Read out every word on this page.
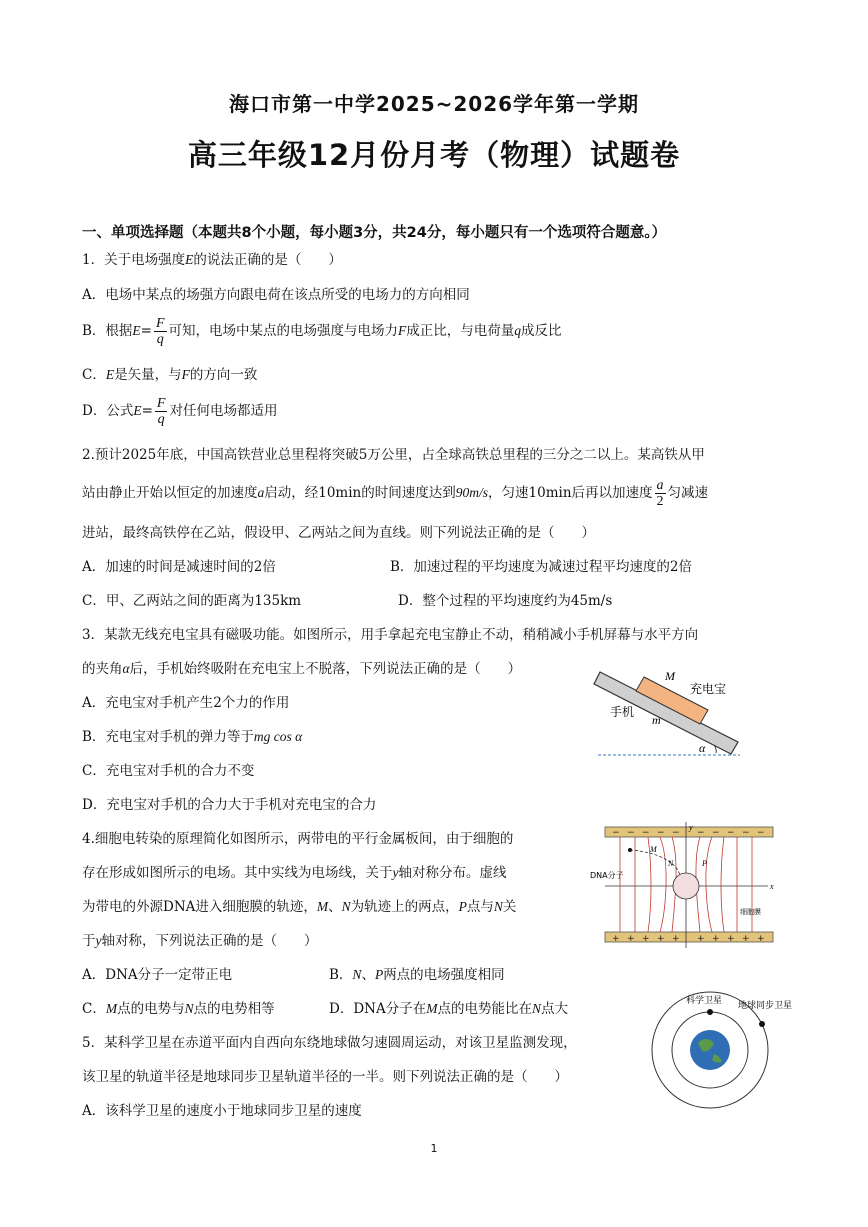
海口市第一中学2025~2026学年第一学期
高三年级12月份月考（物理）试题卷
一、单项选择题（本题共8个小题，每小题3分，共24分，每小题只有一个选项符合题意。）
1．关于电场强度E的说法正确的是（　　）
A．电场中某点的场强方向跟电荷在该点所受的电场力的方向相同
B．根据$E= \frac{F}{q}$ 可知，电场中某点的电场强度与电场力F成正比，与电荷量q成反比
C．E是矢量，与F的方向一致
D．公式$E= \frac{F}{q}$ 对任何电场都适用
2.预计2025年底，中国高铁营业总里程将突破5万公里，占全球高铁总里程的三分之二以上。某高铁从甲
站由静止开始以恒定的加速度a启动，经10min的时间速度达到90m/s，匀速10min后再以加速度 $\frac{a}{2}$ 匀减速
进站，最终高铁停在乙站，假设甲、乙两站之间为直线。则下列说法正确的是（　　）
A．加速的时间是减速时间的2倍	B．加速过程的平均速度为减速过程平均速度的2倍
C．甲、乙两站之间的距离为135km	D．整个过程的平均速度约为45m/s
3．某款无线充电宝具有磁吸功能。如图所示，用手拿起充电宝静止不动，稍稍减小手机屏幕与水平方向
的夹角α后，手机始终吸附在充电宝上不脱落，下列说法正确的是（　　）
A．充电宝对手机产生2个力的作用
B．充电宝对手机的弹力等于mg cos α
C．充电宝对手机的合力不变
D．充电宝对手机的合力大于手机对充电宝的合力
M
充电宝
手机
m
α
4.细胞电转染的原理简化如图所示，两带电的平行金属板间，由于细胞的
存在形成如图所示的电场。其中实线为电场线，关于y轴对称分布。虚线
为带电的外源DNA进入细胞膜的轨迹，M、N为轨迹上的两点，P点与N关
于y轴对称，下列说法正确的是（　　）
A．DNA分子一定带正电	B．N、P两点的电场强度相同
C．M点的电势与N点的电势相等	D．DNA分子在M点的电势能比在N点大
− − − − − − − − − −
+ + + + + + + + + +
M
N	P
y
x
DNA分子
细胞膜
5．某科学卫星在赤道平面内自西向东绕地球做匀速圆周运动，对该卫星监测发现，
该卫星的轨道半径是地球同步卫星轨道半径的一半。则下列说法正确的是（　　）
A．该科学卫星的速度小于地球同步卫星的速度
科学卫星 地球同步卫星
1
